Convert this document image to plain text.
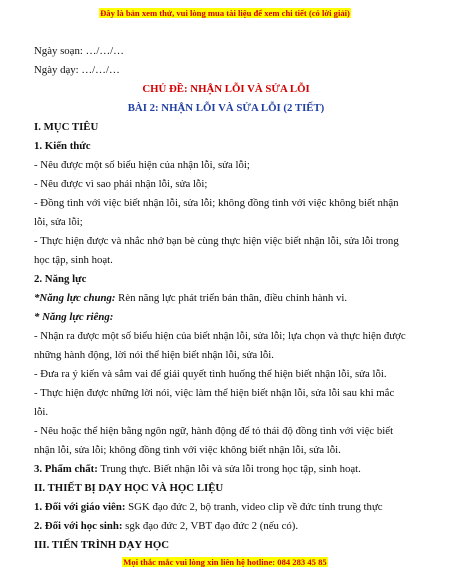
Đây là bản xem thử, vui lòng mua tài liệu để xem chi tiết (có lời giải)
Ngày soạn: …/…/…
Ngày dạy: …/…/…
CHỦ ĐỀ: NHẬN LỖI VÀ SỬA LỖI
BÀI 2: NHẬN LỖI VÀ SỬA LỖI (2 TIẾT)
I. MỤC TIÊU
1. Kiến thức
- Nêu được một số biểu hiện của nhận lỗi, sửa lỗi;
- Nêu được vì sao phải nhận lỗi, sửa lỗi;
- Đồng tình với việc biết nhận lỗi, sửa lỗi; không đồng tình với việc không biết nhận
lỗi, sửa lỗi;
- Thực hiện được và nhắc nhở bạn bè cùng thực hiện việc biết nhận lỗi, sửa lỗi trong
học tập, sinh hoạt.
2. Năng lực
*Năng lực chung: Rèn năng lực phát triển bản thân, điều chỉnh hành vi.
* Năng lực riêng:
- Nhận ra được một số biểu hiện của biết nhận lỗi, sửa lỗi; lựa chọn và thực hiện được
những hành động, lời nói thể hiện biết nhận lỗi, sửa lỗi.
- Đưa ra ý kiến và sắm vai để giải quyết tình huống thể hiện biết nhận lỗi, sửa lỗi.
- Thực hiện được những lời nói, việc làm thể hiện biết nhận lỗi, sửa lỗi sau khi mắc
lỗi.
- Nêu hoặc thể hiện bằng ngôn ngữ, hành động để tỏ thái độ đồng tình với việc biết
nhận lỗi, sửa lỗi; không đồng tình với việc không biết nhận lỗi, sửa lỗi.
3. Phẩm chất: Trung thực. Biết nhận lỗi và sửa lỗi trong học tập, sinh hoạt.
II. THIẾT BỊ DẠY HỌC VÀ HỌC LIỆU
1. Đối với giáo viên: SGK đạo đức 2, bộ tranh, video clip về đức tính trung thực
2. Đối với học sinh: sgk đạo đức 2, VBT đạo đức 2 (nếu có).
III. TIẾN TRÌNH DẠY HỌC
Mọi thắc mắc vui lòng xin liên hệ hotline: 084 283 45 85
